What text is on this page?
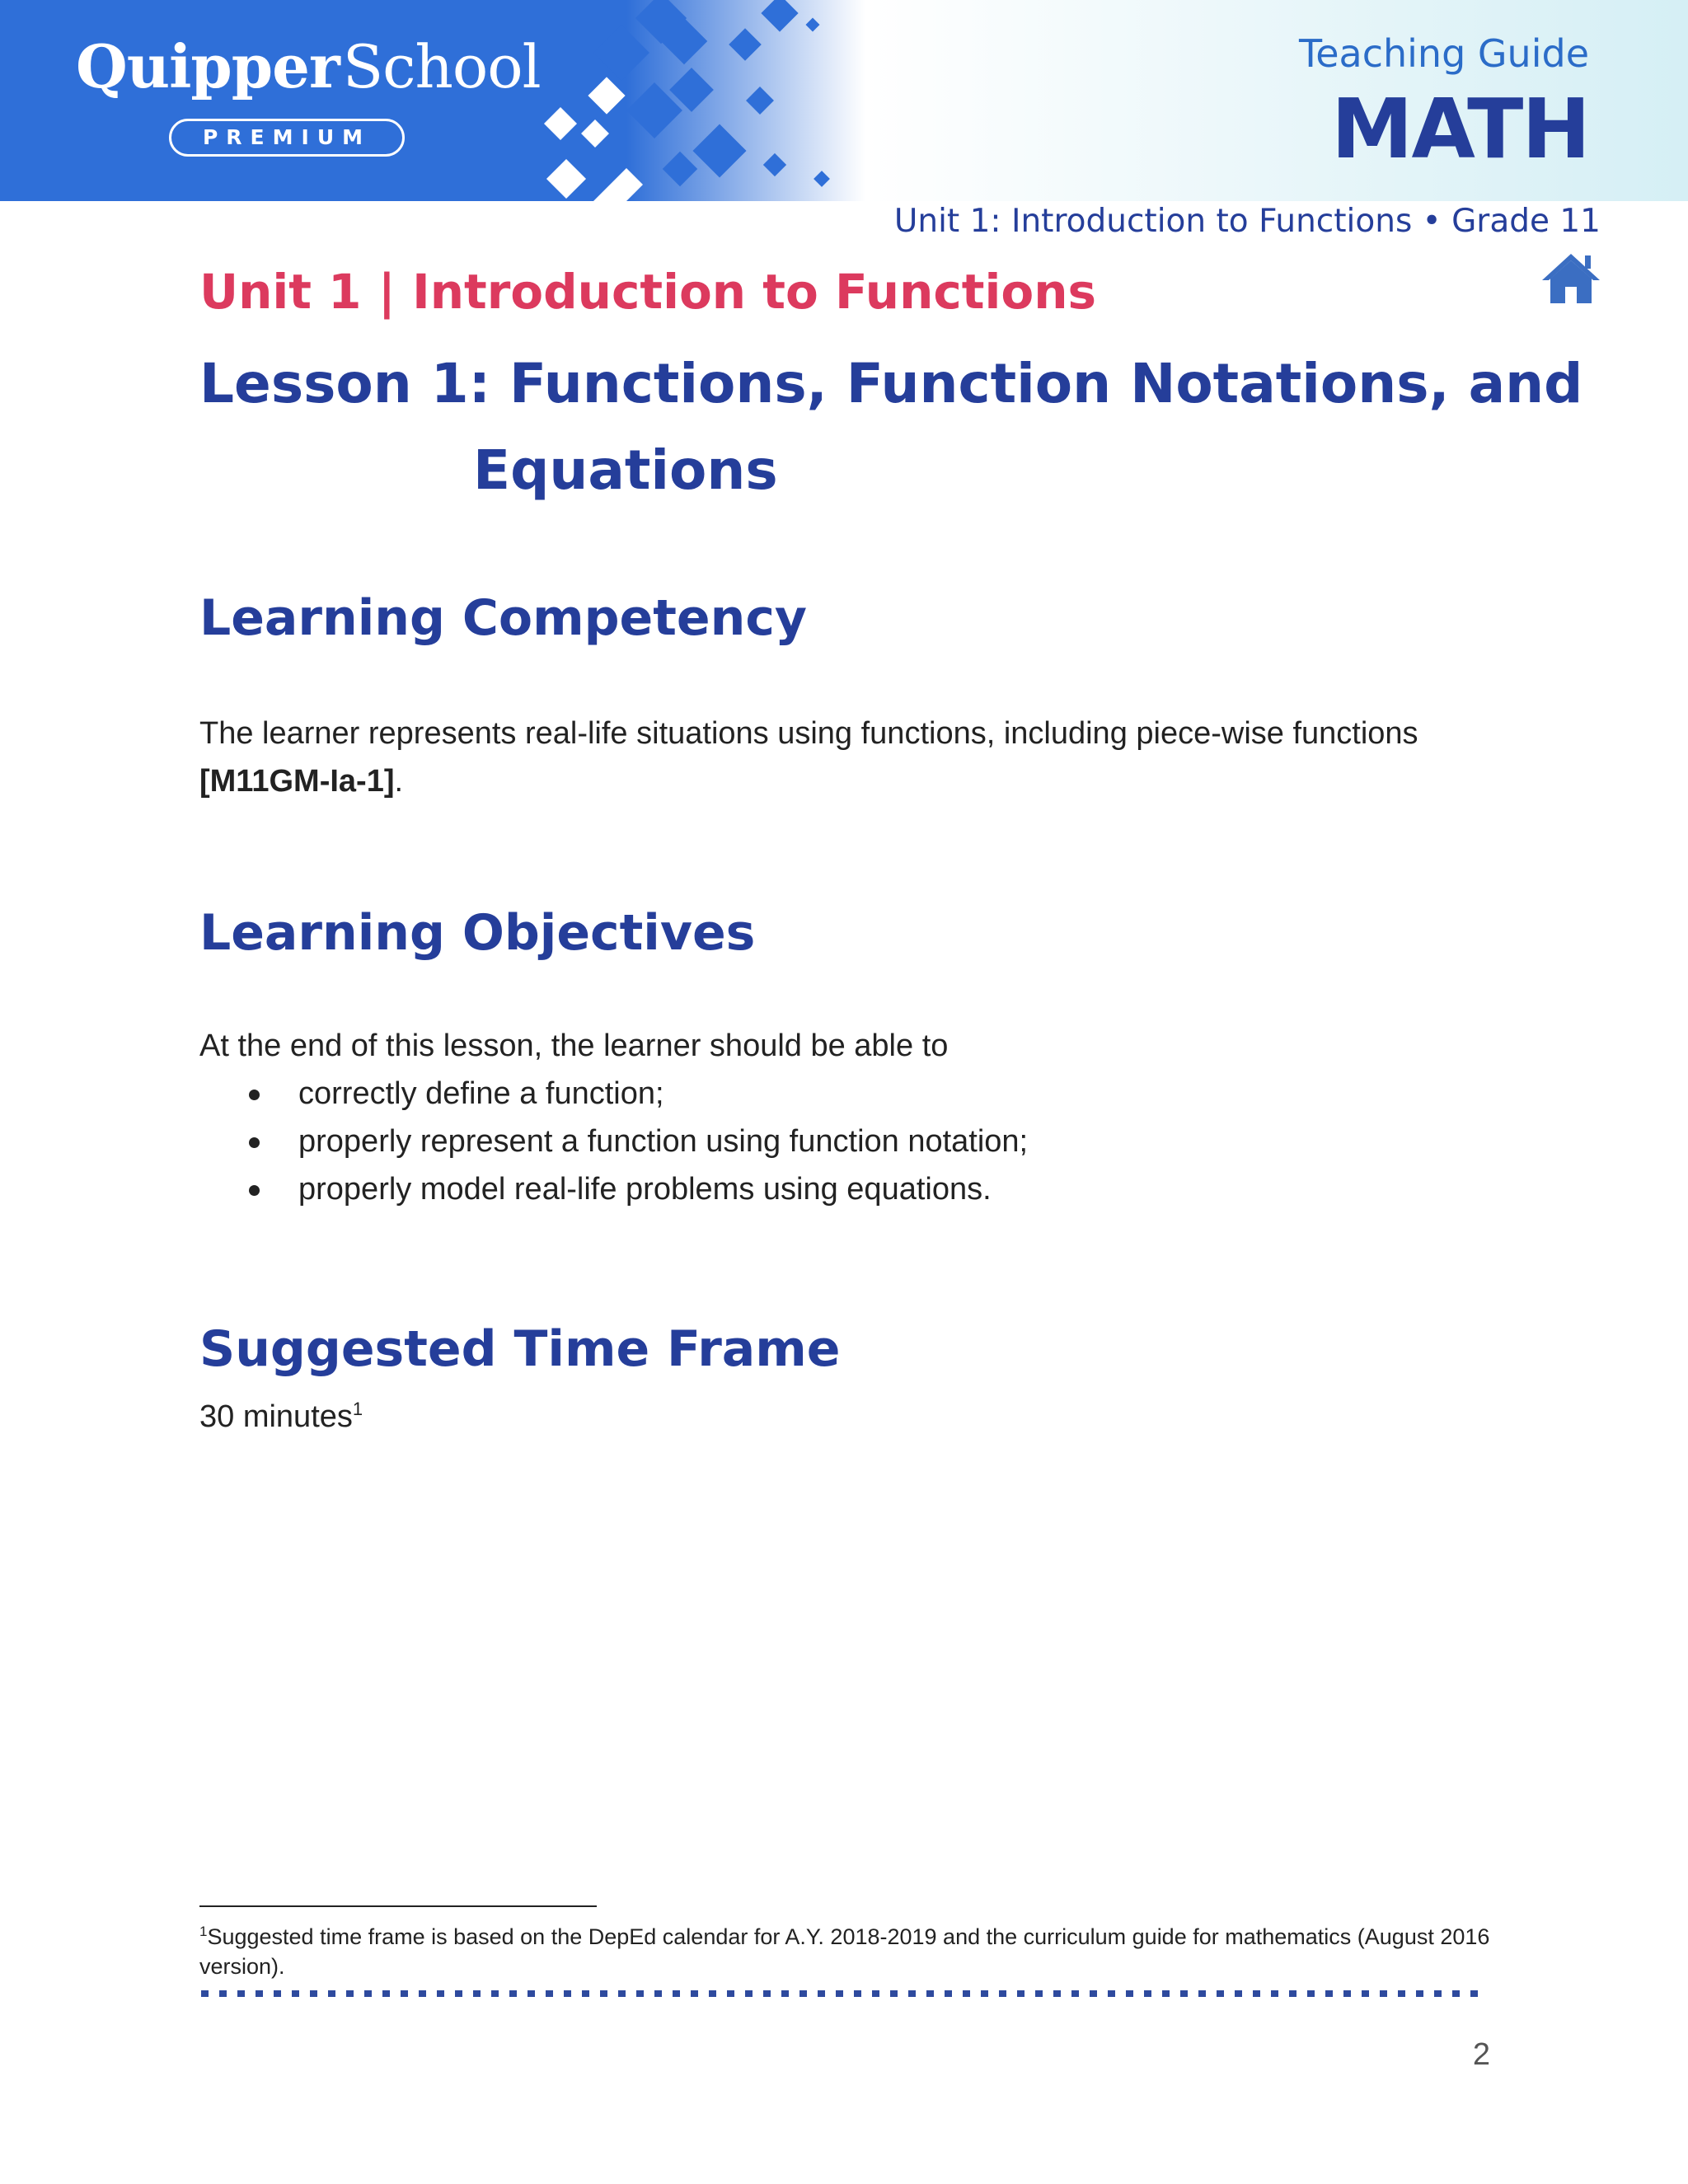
QuipperSchool
PREMIUM
Teaching Guide
MATH
Unit 1: Introduction to Functions • Grade 11
Unit 1 | Introduction to Functions
Lesson 1: Functions, Function Notations, and
Equations
Learning Competency
The learner represents real-life situations using functions, including piece-wise functions
[M11GM-Ia-1].
Learning Objectives
At the end of this lesson, the learner should be able to
correctly define a function;
properly represent a function using function notation;
properly model real-life problems using equations.
Suggested Time Frame
30 minutes$^1$
$^1$Suggested time frame is based on the DepEd calendar for A.Y. 2018-2019 and the curriculum guide for mathematics (August 2016 version).
2
